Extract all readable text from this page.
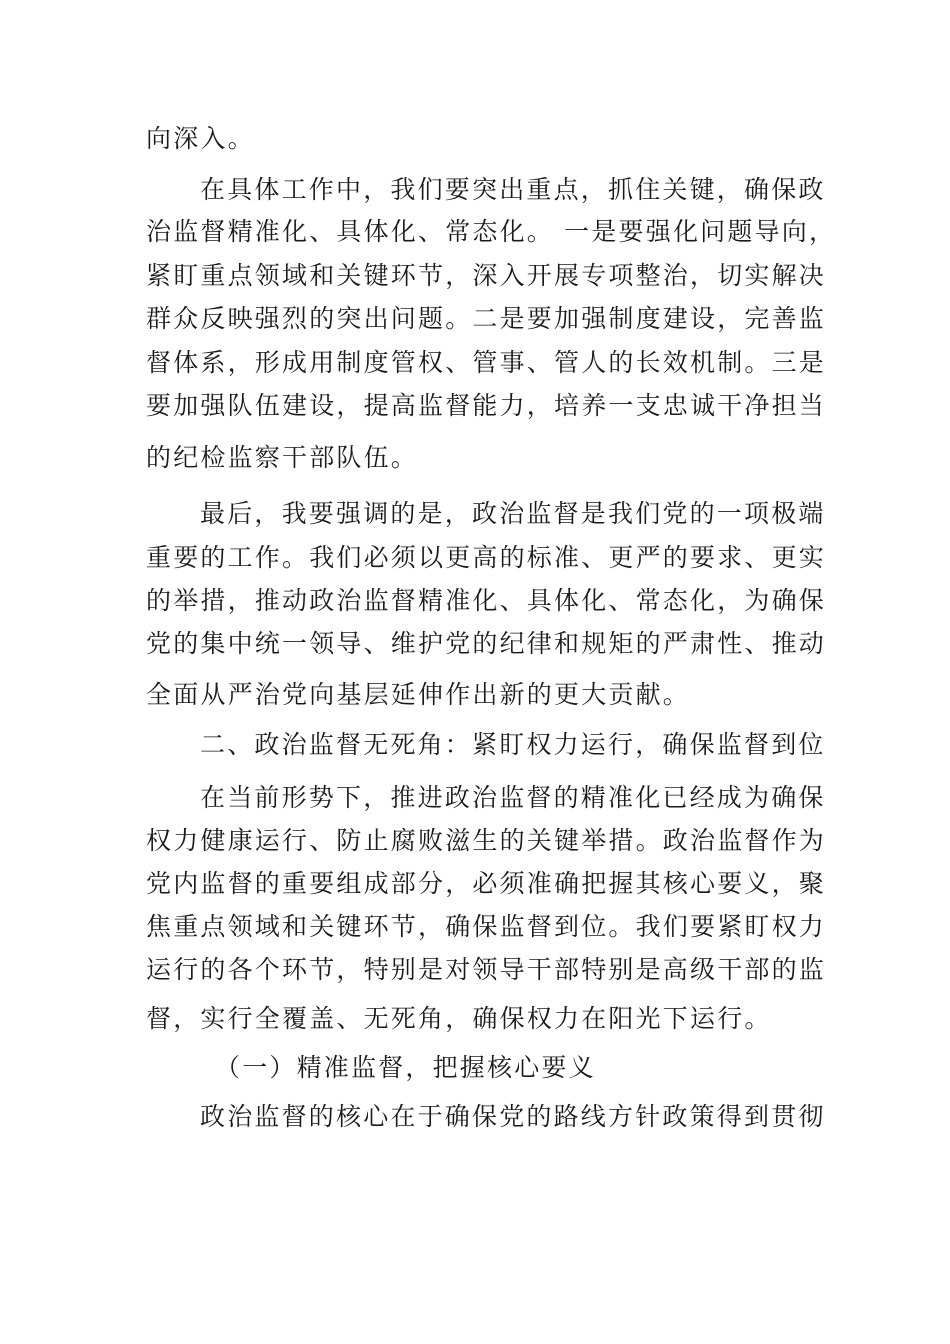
向深入。
在具体工作中，我们要突出重点，抓住关键，确保政
治监督精准化、具体化、常态化。 一是要强化问题导向，
紧盯重点领域和关键环节，深入开展专项整治，切实解决
群众反映强烈的突出问题。二是要加强制度建设，完善监
督体系，形成用制度管权、管事、管人的长效机制。三是
要加强队伍建设，提高监督能力，培养一支忠诚干净担当
的纪检监察干部队伍。
最后，我要强调的是，政治监督是我们党的一项极端
重要的工作。我们必须以更高的标准、更严的要求、更实
的举措，推动政治监督精准化、具体化、常态化，为确保
党的集中统一领导、维护党的纪律和规矩的严肃性、推动
全面从严治党向基层延伸作出新的更大贡献。
二、政治监督无死角：紧盯权力运行，确保监督到位
在当前形势下，推进政治监督的精准化已经成为确保
权力健康运行、防止腐败滋生的关键举措。政治监督作为
党内监督的重要组成部分，必须准确把握其核心要义，聚
焦重点领域和关键环节，确保监督到位。我们要紧盯权力
运行的各个环节，特别是对领导干部特别是高级干部的监
督，实行全覆盖、无死角，确保权力在阳光下运行。
（一）精准监督，把握核心要义
政治监督的核心在于确保党的路线方针政策得到贯彻
